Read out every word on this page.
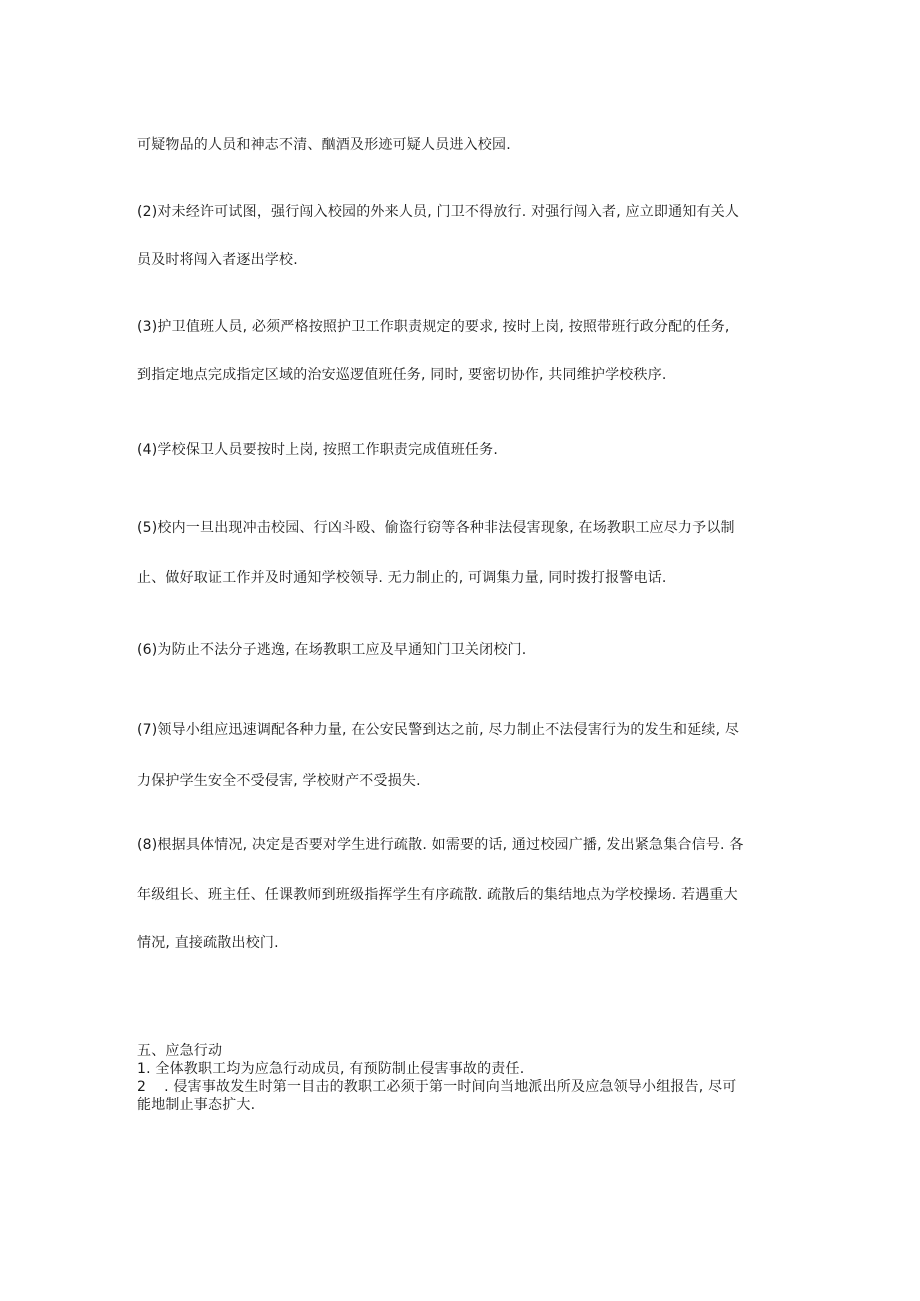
可疑物品的人员和神志不清、酗酒及形迹可疑人员进入校园.
(2)对未经许可试图，强行闯入校园的外来人员, 门卫不得放行. 对强行闯入者, 应立即通知有关人
员及时将闯入者逐出学校.
(3)护卫值班人员, 必须严格按照护卫工作职责规定的要求, 按时上岗, 按照带班行政分配的任务,
到指定地点完成指定区域的治安巡逻值班任务, 同时, 要密切协作, 共同维护学校秩序.
(4)学校保卫人员要按时上岗, 按照工作职责完成值班任务.
(5)校内一旦出现冲击校园、行凶斗殴、偷盗行窃等各种非法侵害现象, 在场教职工应尽力予以制
止、做好取证工作并及时通知学校领导. 无力制止的, 可调集力量, 同时拨打报警电话.
(6)为防止不法分子逃逸, 在场教职工应及早通知门卫关闭校门.
(7)领导小组应迅速调配各种力量, 在公安民警到达之前, 尽力制止不法侵害行为的发生和延续, 尽
力保护学生安全不受侵害, 学校财产不受损失.
(8)根据具体情况, 决定是否要对学生进行疏散. 如需要的话, 通过校园广播, 发出紧急集合信号. 各
年级组长、班主任、任课教师到班级指挥学生有序疏散. 疏散后的集结地点为学校操场. 若遇重大
情况, 直接疏散出校门.
五、应急行动
1. 全体教职工均为应急行动成员, 有预防制止侵害事故的责任.
2 . 侵害事故发生时第一目击的教职工必须于第一时间向当地派出所及应急领导小组报告, 尽可
能地制止事态扩大.
